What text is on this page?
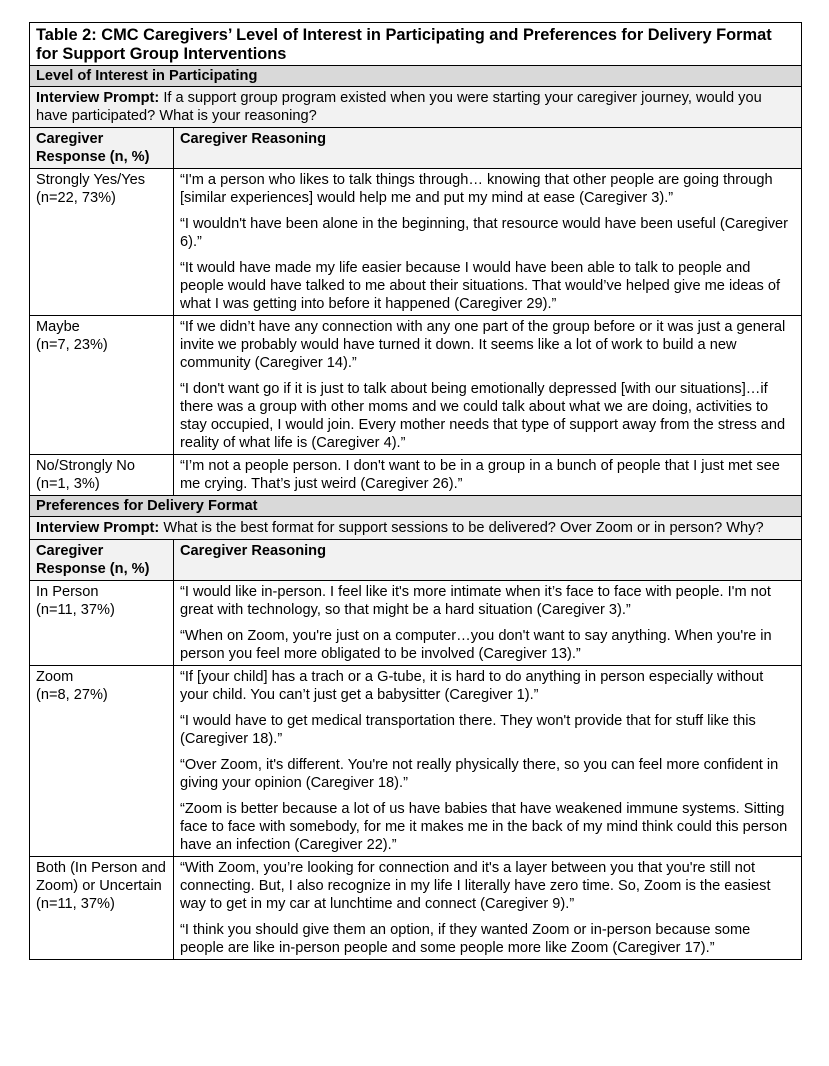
Table 2: CMC Caregivers’ Level of Interest in Participating and Preferences for Delivery Format for Support Group Interventions	
Level of Interest in Participating	
Interview Prompt: If a support group program existed when you were starting your caregiver journey, would you have participated? What is your reasoning?	
Caregiver Response (n, %)	Caregiver Reasoning
Strongly Yes/Yes
(n=22, 73%)	“I'm a person who likes to talk things through… knowing that other people are going through [similar experiences] would help me and put my mind at ease (Caregiver 3).”
“I wouldn't have been alone in the beginning, that resource would have been useful (Caregiver 6).”
“It would have made my life easier because I would have been able to talk to people and people would have talked to me about their situations. That would’ve helped give me ideas of what I was getting into before it happened (Caregiver 29).”

Maybe
(n=7, 23%)	“If we didn’t have any connection with any one part of the group before or it was just a general invite we probably would have turned it down. It seems like a lot of work to build a new community (Caregiver 14).”
“I don't want go if it is just to talk about being emotionally depressed [with our situations]…if there was a group with other moms and we could talk about what we are doing, activities to stay occupied, I would join. Every mother needs that type of support away from the stress and reality of what life is (Caregiver 4).”

No/Strongly No
(n=1, 3%)	“I’m not a people person. I don't want to be in a group in a bunch of people that I just met see me crying. That’s just weird (Caregiver 26).”

Preferences for Delivery Format	
Interview Prompt: What is the best format for support sessions to be delivered? Over Zoom or in person? Why?	
Caregiver Response (n, %)	Caregiver Reasoning
In Person
(n=11, 37%)	“I would like in-person. I feel like it's more intimate when it’s face to face with people. I'm not great with technology, so that might be a hard situation (Caregiver 3).”
“When on Zoom, you're just on a computer…you don't want to say anything. When you're in person you feel more obligated to be involved (Caregiver 13).”

Zoom
(n=8, 27%)	“If [your child] has a trach or a G-tube, it is hard to do anything in person especially without your child. You can’t just get a babysitter (Caregiver 1).”
“I would have to get medical transportation there. They won't provide that for stuff like this (Caregiver 18).”
“Over Zoom, it's different. You're not really physically there, so you can feel more confident in giving your opinion (Caregiver 18).”
“Zoom is better because a lot of us have babies that have weakened immune systems. Sitting face to face with somebody, for me it makes me in the back of my mind think could this person have an infection (Caregiver 22).”

Both (In Person and Zoom) or Uncertain
(n=11, 37%)	“With Zoom, you’re looking for connection and it's a layer between you that you're still not connecting. But, I also recognize in my life I literally have zero time. So, Zoom is the easiest way to get in my car at lunchtime and connect (Caregiver 9).”
“I think you should give them an option, if they wanted Zoom or in-person because some people are like in-person people and some people more like Zoom (Caregiver 17).”
